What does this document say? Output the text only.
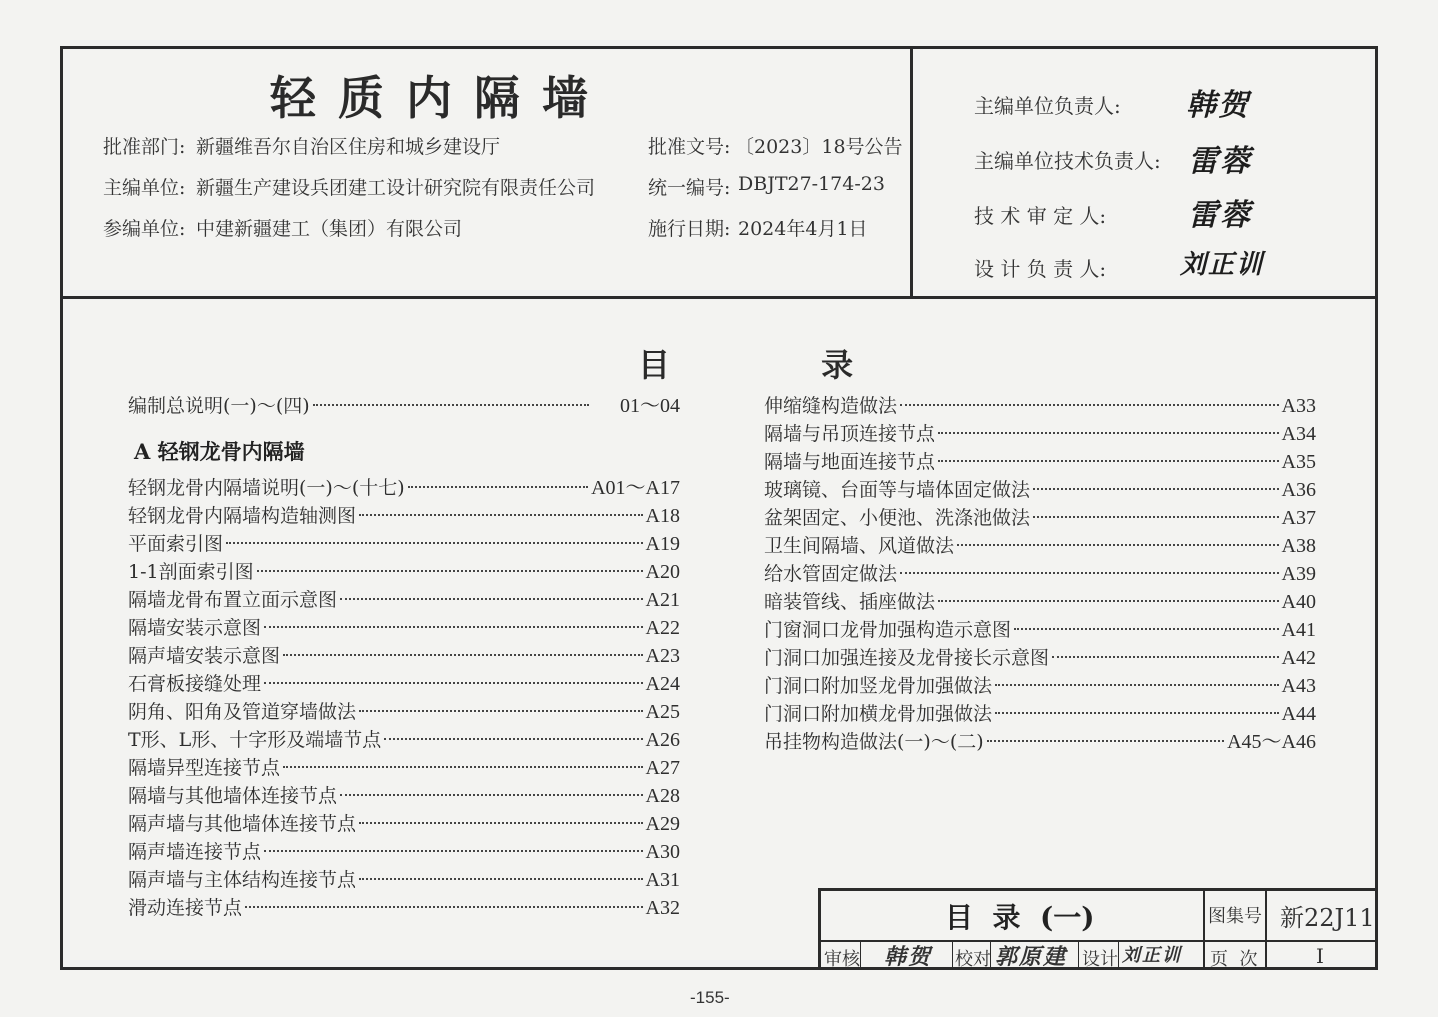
轻质内隔墙
批准部门: 新疆维吾尔自治区住房和城乡建设厅
主编单位: 新疆生产建设兵团建工设计研究院有限责任公司
参编单位: 中建新疆建工（集团）有限公司
批准文号: 〔2023〕18号公告
统一编号: DBJT27-174-23
施行日期: 2024年4月1日
主编单位负责人: 韩贺
主编单位技术负责人: 雷蓉
技 术 审 定 人:	雷蓉
设 计 负 责 人:	刘正训
目 录
编制总说明(一)～(四)	01～04
A 轻钢龙骨内隔墙
轻钢龙骨内隔墙说明(一)～(十七)	A01～A17
轻钢龙骨内隔墙构造轴测图	A18
平面索引图	A19
1-1剖面索引图	A20
隔墙龙骨布置立面示意图	A21
隔墙安装示意图	A22
隔声墙安装示意图	A23
石膏板接缝处理	A24
阴角、阳角及管道穿墙做法	A25
T形、L形、十字形及端墙节点	A26
隔墙异型连接节点	A27
隔墙与其他墙体连接节点	A28
隔声墙与其他墙体连接节点	A29
隔声墙连接节点	A30
隔声墙与主体结构连接节点	A31
滑动连接节点	A32
伸缩缝构造做法	A33
隔墙与吊顶连接节点	A34
隔墙与地面连接节点	A35
玻璃镜、台面等与墙体固定做法	A36
盆架固定、小便池、洗涤池做法	A37
卫生间隔墙、风道做法	A38
给水管固定做法	A39
暗装管线、插座做法	A40
门窗洞口龙骨加强构造示意图	A41
门洞口加强连接及龙骨接长示意图	A42
门洞口附加竖龙骨加强做法	A43
门洞口附加横龙骨加强做法	A44
吊挂物构造做法(一)～(二)	A45～A46
目  录  (一)	图集号 新22J11
审核 韩贺 校对 郭原建 设计 刘正训 页  次	I
-155-
